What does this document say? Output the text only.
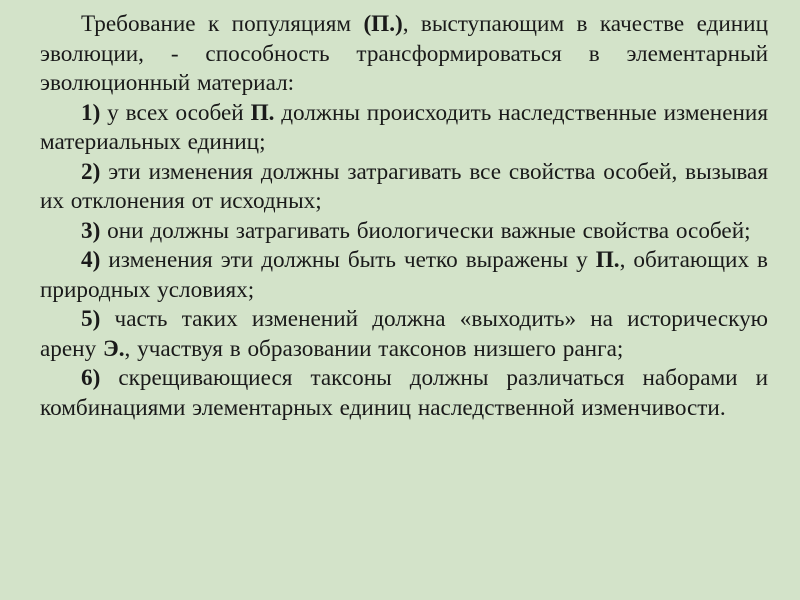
Требование к популяциям (П.), выступающим в качестве единиц эволюции, - способность трансформироваться в элементарный эволюционный материал:

1) у всех особей П. должны происходить наследственные изменения материальных единиц;

2) эти изменения должны затрагивать все свойства особей, вызывая их отклонения от исходных;

3) они должны затрагивать биологически важные свойства особей;

4) изменения эти должны быть четко выражены у П., обитающих в природных условиях;

5) часть таких изменений должна «выходить» на историческую арену Э., участвуя в образовании таксонов низшего ранга;

6) скрещивающиеся таксоны должны различаться наборами и комбинациями элементарных единиц наследственной изменчивости.
